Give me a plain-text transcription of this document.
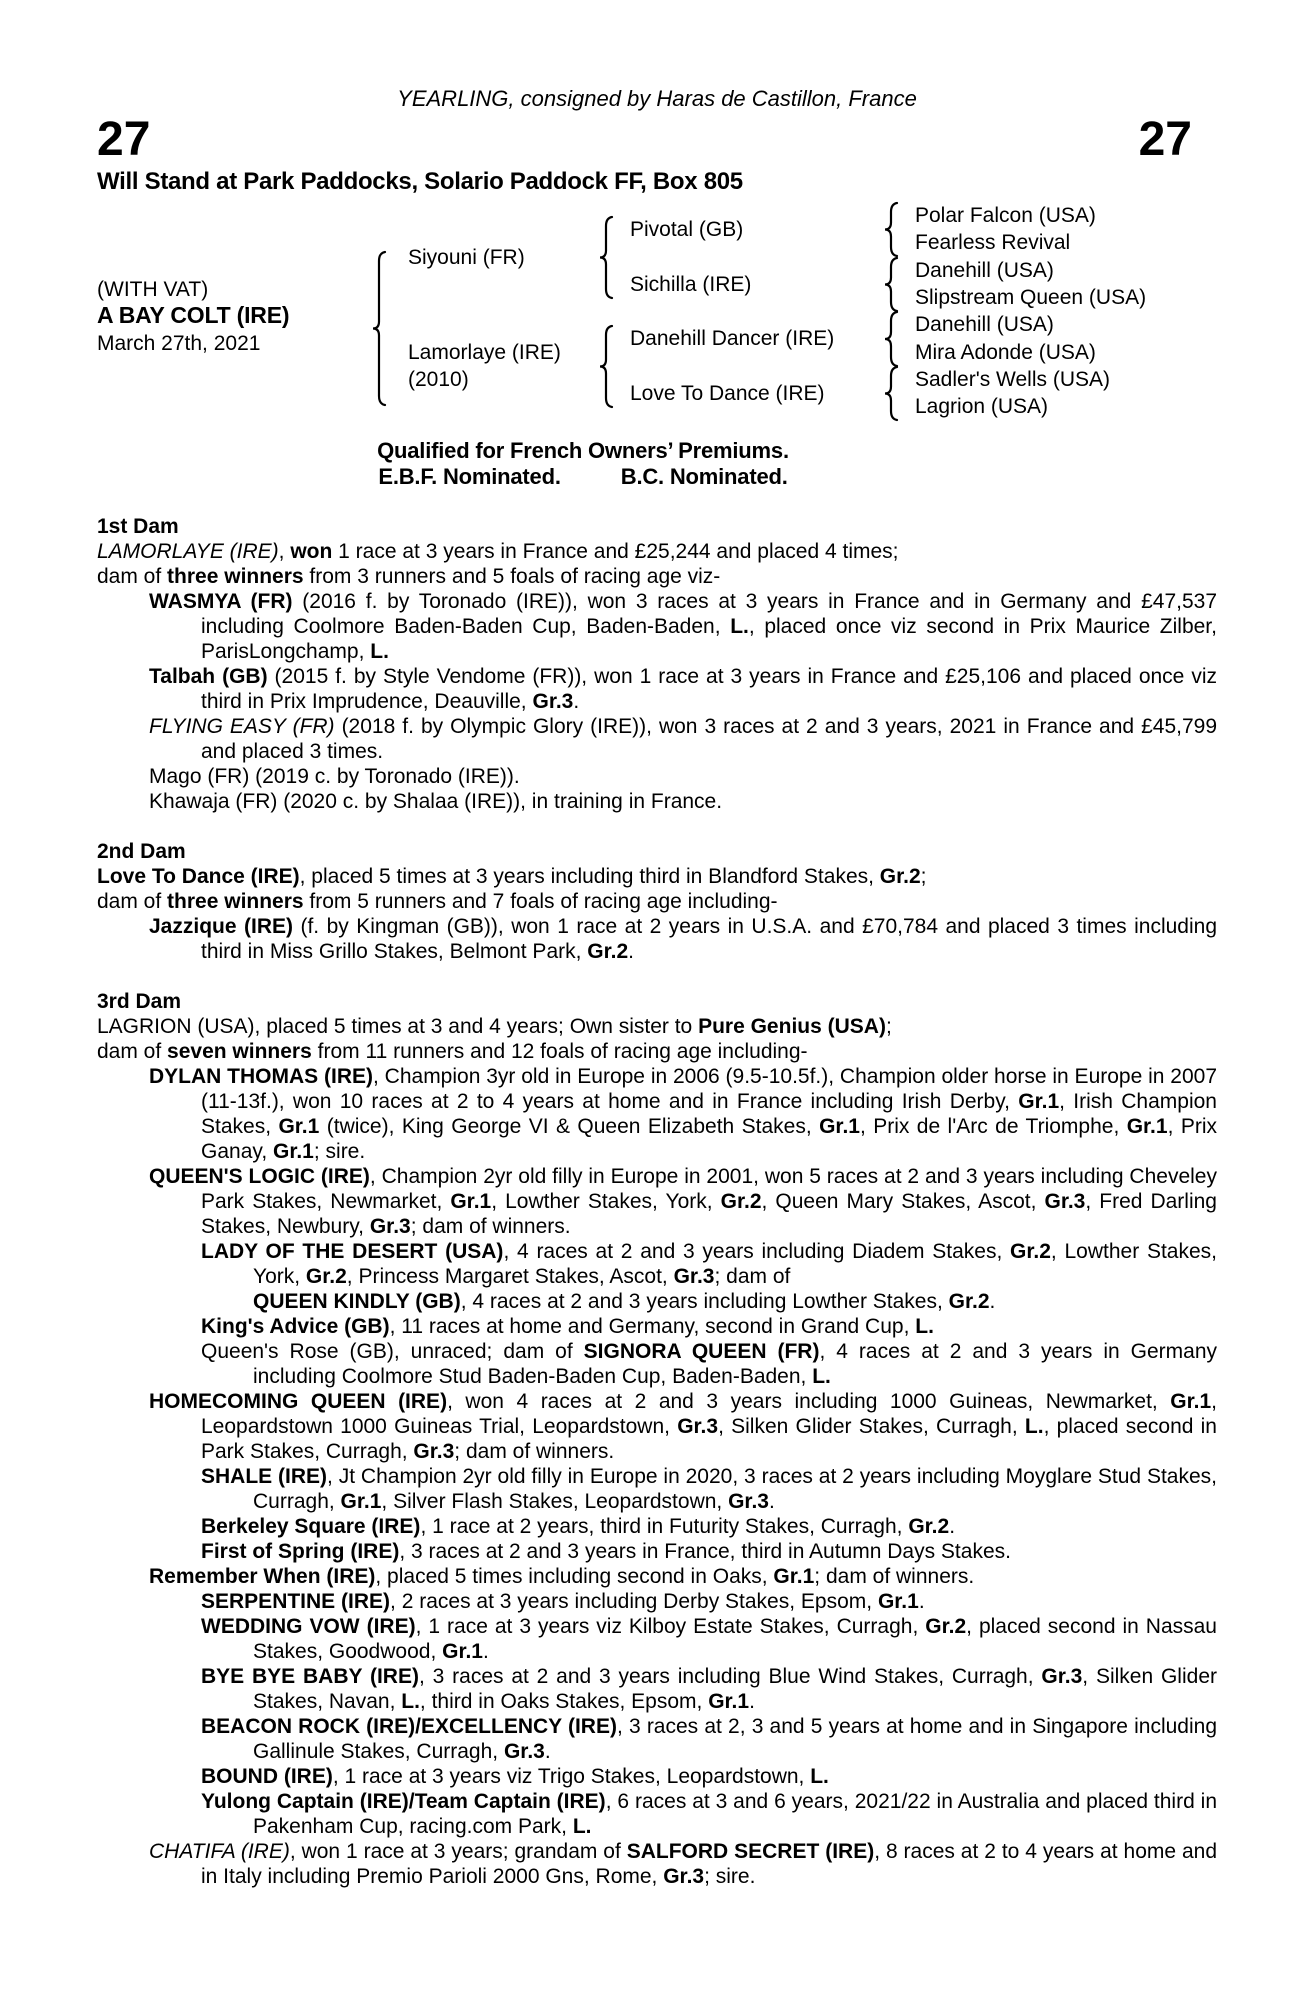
YEARLING, consigned by Haras de Castillon, France
27	27
Will Stand at Park Paddocks, Solario Paddock FF, Box 805
(WITH VAT)
A BAY COLT (IRE)
March 27th, 2021
Siyouni (FR)
Lamorlaye (IRE)
(2010)
Pivotal (GB)
Sichilla (IRE)
Danehill Dancer (IRE)
Love To Dance (IRE)
Polar Falcon (USA)
Fearless Revival
Danehill (USA)
Slipstream Queen (USA)
Danehill (USA)
Mira Adonde (USA)
Sadler's Wells (USA)
Lagrion (USA)
Qualified for French Owners’ Premiums.
E.B.F. Nominated.	B.C. Nominated.
1st Dam
LAMORLAYE (IRE), won 1 race at 3 years in France and £25,244 and placed 4 times;
dam of three winners from 3 runners and 5 foals of racing age viz-
WASMYA (FR) (2016 f. by Toronado (IRE)), won 3 races at 3 years in France and in Germany and £47,537 including Coolmore Baden-Baden Cup, Baden-Baden, L., placed once viz second in Prix Maurice Zilber, ParisLongchamp, L.
Talbah (GB) (2015 f. by Style Vendome (FR)), won 1 race at 3 years in France and £25,106 and placed once viz third in Prix Imprudence, Deauville, Gr.3.
FLYING EASY (FR) (2018 f. by Olympic Glory (IRE)), won 3 races at 2 and 3 years, 2021 in France and £45,799 and placed 3 times.
Mago (FR) (2019 c. by Toronado (IRE)).
Khawaja (FR) (2020 c. by Shalaa (IRE)), in training in France.
2nd Dam
Love To Dance (IRE), placed 5 times at 3 years including third in Blandford Stakes, Gr.2;
dam of three winners from 5 runners and 7 foals of racing age including-
Jazzique (IRE) (f. by Kingman (GB)), won 1 race at 2 years in U.S.A. and £70,784 and placed 3 times including third in Miss Grillo Stakes, Belmont Park, Gr.2.
3rd Dam
LAGRION (USA), placed 5 times at 3 and 4 years; Own sister to Pure Genius (USA);
dam of seven winners from 11 runners and 12 foals of racing age including-
DYLAN THOMAS (IRE), Champion 3yr old in Europe in 2006 (9.5-10.5f.), Champion older horse in Europe in 2007 (11-13f.), won 10 races at 2 to 4 years at home and in France including Irish Derby, Gr.1, Irish Champion Stakes, Gr.1 (twice), King George VI & Queen Elizabeth Stakes, Gr.1, Prix de l'Arc de Triomphe, Gr.1, Prix Ganay, Gr.1; sire.
QUEEN'S LOGIC (IRE), Champion 2yr old filly in Europe in 2001, won 5 races at 2 and 3 years including Cheveley Park Stakes, Newmarket, Gr.1, Lowther Stakes, York, Gr.2, Queen Mary Stakes, Ascot, Gr.3, Fred Darling Stakes, Newbury, Gr.3; dam of winners.
LADY OF THE DESERT (USA), 4 races at 2 and 3 years including Diadem Stakes, Gr.2, Lowther Stakes, York, Gr.2, Princess Margaret Stakes, Ascot, Gr.3; dam of
QUEEN KINDLY (GB), 4 races at 2 and 3 years including Lowther Stakes, Gr.2.
King's Advice (GB), 11 races at home and Germany, second in Grand Cup, L.
Queen's Rose (GB), unraced; dam of SIGNORA QUEEN (FR), 4 races at 2 and 3 years in Germany including Coolmore Stud Baden-Baden Cup, Baden-Baden, L.
HOMECOMING QUEEN (IRE), won 4 races at 2 and 3 years including 1000 Guineas, Newmarket, Gr.1, Leopardstown 1000 Guineas Trial, Leopardstown, Gr.3, Silken Glider Stakes, Curragh, L., placed second in Park Stakes, Curragh, Gr.3; dam of winners.
SHALE (IRE), Jt Champion 2yr old filly in Europe in 2020, 3 races at 2 years including Moyglare Stud Stakes, Curragh, Gr.1, Silver Flash Stakes, Leopardstown, Gr.3.
Berkeley Square (IRE), 1 race at 2 years, third in Futurity Stakes, Curragh, Gr.2.
First of Spring (IRE), 3 races at 2 and 3 years in France, third in Autumn Days Stakes.
Remember When (IRE), placed 5 times including second in Oaks, Gr.1; dam of winners.
SERPENTINE (IRE), 2 races at 3 years including Derby Stakes, Epsom, Gr.1.
WEDDING VOW (IRE), 1 race at 3 years viz Kilboy Estate Stakes, Curragh, Gr.2, placed second in Nassau Stakes, Goodwood, Gr.1.
BYE BYE BABY (IRE), 3 races at 2 and 3 years including Blue Wind Stakes, Curragh, Gr.3, Silken Glider Stakes, Navan, L., third in Oaks Stakes, Epsom, Gr.1.
BEACON ROCK (IRE)/EXCELLENCY (IRE), 3 races at 2, 3 and 5 years at home and in Singapore including Gallinule Stakes, Curragh, Gr.3.
BOUND (IRE), 1 race at 3 years viz Trigo Stakes, Leopardstown, L.
Yulong Captain (IRE)/Team Captain (IRE), 6 races at 3 and 6 years, 2021/22 in Australia and placed third in Pakenham Cup, racing.com Park, L.
CHATIFA (IRE), won 1 race at 3 years; grandam of SALFORD SECRET (IRE), 8 races at 2 to 4 years at home and in Italy including Premio Parioli 2000 Gns, Rome, Gr.3; sire.
